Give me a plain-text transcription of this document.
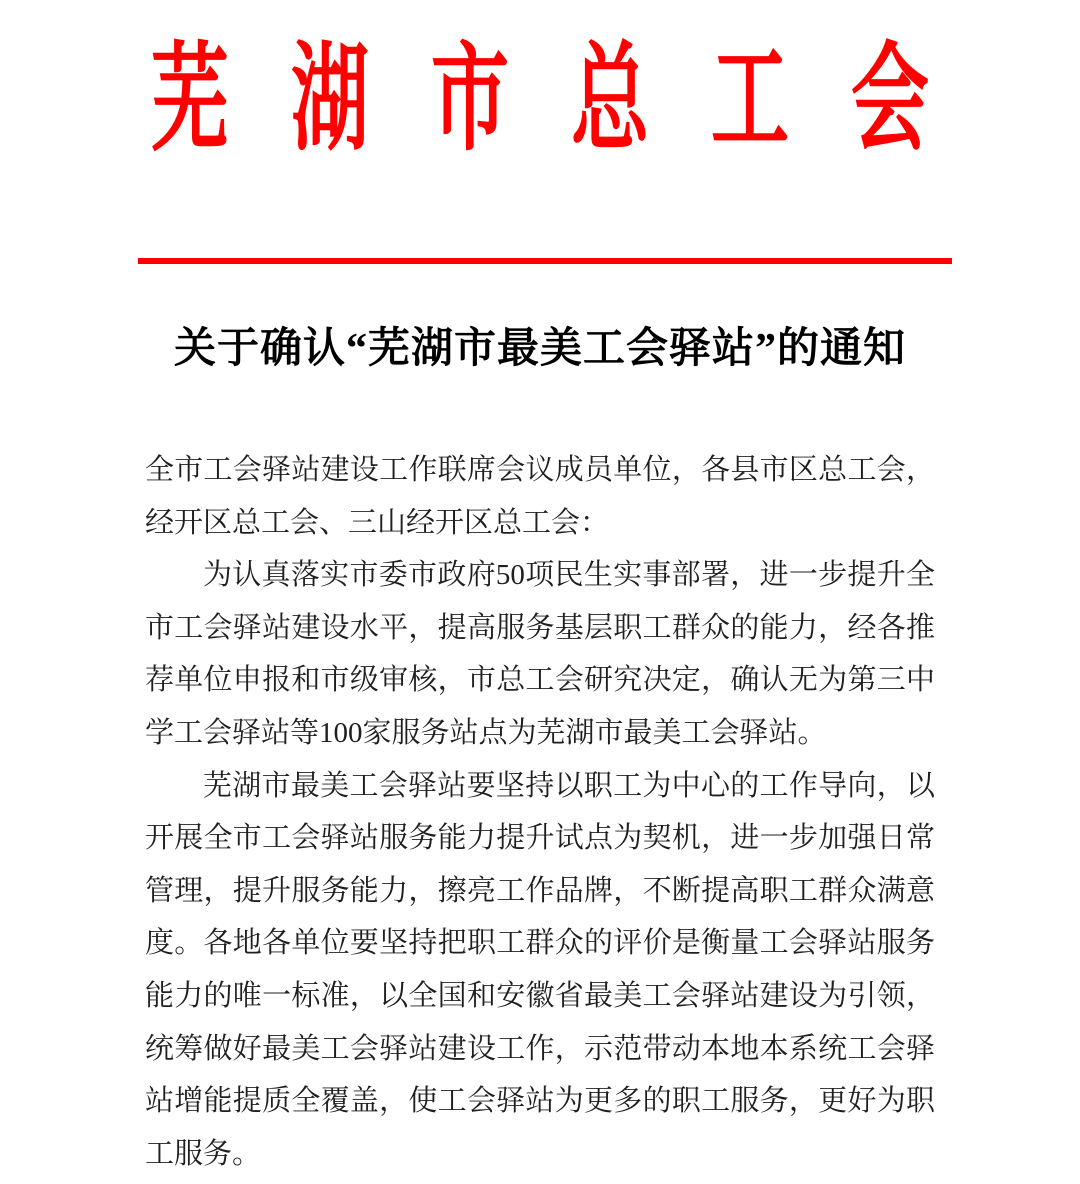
芜湖市总工会
关于确认“芜湖市最美工会驿站”的通知

全市工会驿站建设工作联席会议成员单位，各县市区总工会，经开区总工会、三山经开区总工会：

为认真落实市委市政府50项民生实事部署，进一步提升全市工会驿站建设水平，提高服务基层职工群众的能力，经各推荐单位申报和市级审核，市总工会研究决定，确认无为第三中学工会驿站等100家服务站点为芜湖市最美工会驿站。

芜湖市最美工会驿站要坚持以职工为中心的工作导向，以开展全市工会驿站服务能力提升试点为契机，进一步加强日常管理，提升服务能力，擦亮工作品牌，不断提高职工群众满意度。各地各单位要坚持把职工群众的评价是衡量工会驿站服务能力的唯一标准，以全国和安徽省最美工会驿站建设为引领，统筹做好最美工会驿站建设工作，示范带动本地本系统工会驿站增能提质全覆盖，使工会驿站为更多的职工服务，更好为职工服务。
